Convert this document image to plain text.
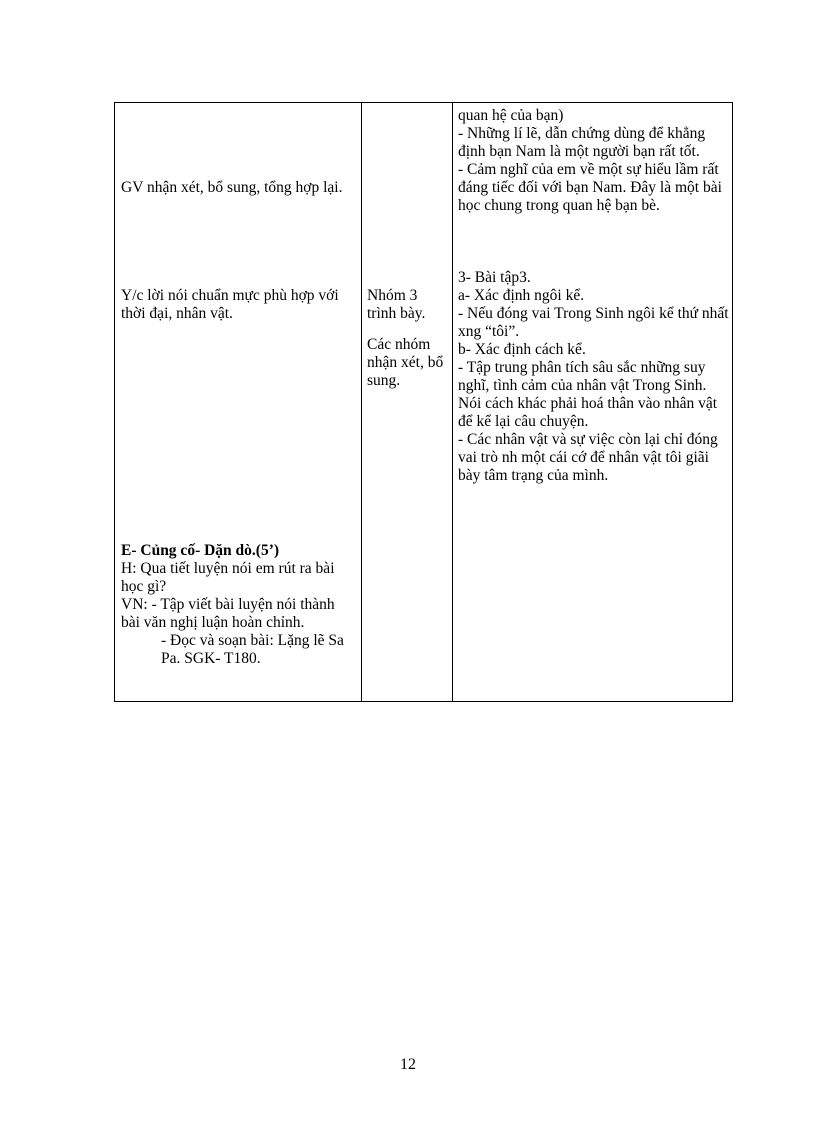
GV nhận xét, bổ sung, tổng hợp lại.

Y/c lời nói chuẩn mực phù hợp với thời đại, nhân vật.

E- Củng cố- Dặn dò.(5’)

H: Qua tiết luyện nói em rút ra bài học gì?

VN: - Tập viết bài luyện nói thành bài văn nghị luận hoàn chỉnh.

- Đọc và soạn bài: Lặng lẽ Sa Pa. SGK- T180.

Nhóm 3 trình bày.

Các nhóm nhận xét, bổ sung.

quan hệ của bạn)

- Những lí lẽ, dẫn chứng dùng để khẳng định bạn Nam là một người bạn rất tốt.

- Cảm nghĩ của em về một sự hiểu lầm rất đáng tiếc đối với bạn Nam. Đây là một bài học chung trong quan hệ bạn bè.

3- Bài tập3.

a- Xác định ngôi kể.

- Nếu đóng vai Trong Sinh ngôi kể thứ nhất xng “tôi”.

b- Xác định cách kể.

- Tập trung phân tích sâu sắc những suy nghĩ, tình cảm của nhân vật Trong Sinh. Nói cách khác phải hoá thân vào nhân vật để kể lại câu chuyện.

- Các nhân vật và sự việc còn lại chỉ đóng vai trò nh một cái cớ để nhân vật tôi giãi bày tâm trạng của mình.

12
